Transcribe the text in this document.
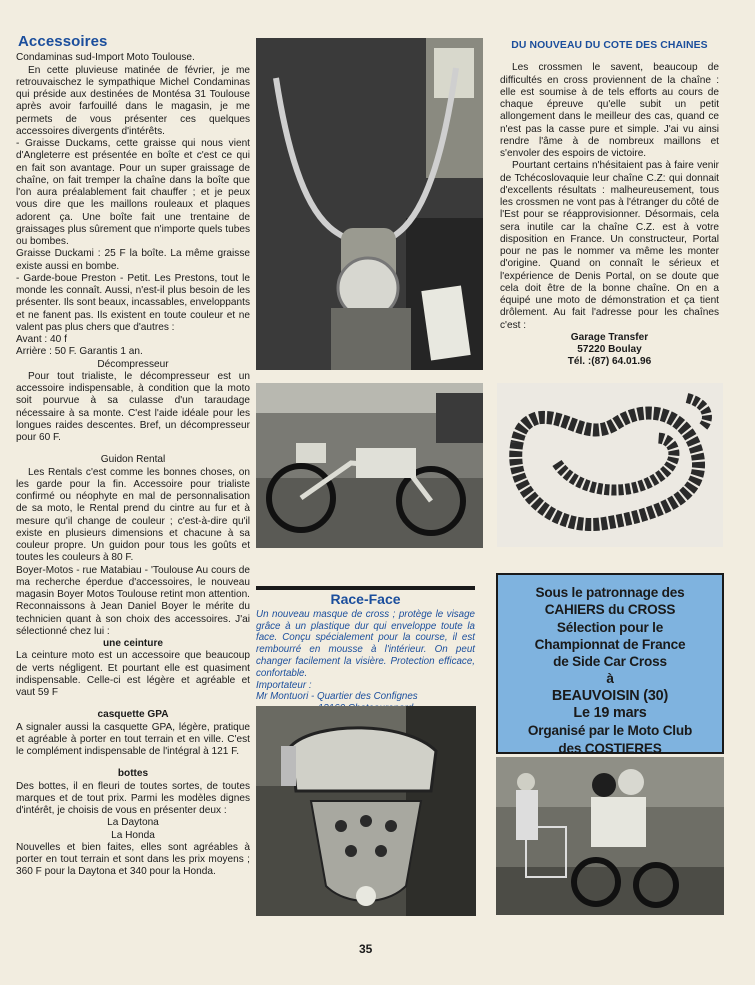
Accessoires

Condaminas sud-Import Moto Toulouse.

En cette pluvieuse matinée de février, je me retrouvaischez le sympathique Michel Condaminas qui préside aux destinées de Montésa 31 Toulouse après avoir farfouillé dans le magasin, je me permets de vous présenter ces quelques accessoires divergents d'intérêts.

- Graisse Duckams, cette graisse qui nous vient d'Angleterre est présentée en boîte et c'est ce qui en fait son avantage. Pour un super graissage de chaîne, on fait tremper la chaîne dans la boîte que l'on aura préalablement fait chauffer ; et je peux vous dire que les maillons rouleaux et plaques adorent ça. Une boîte fait une trentaine de graissages plus sûrement que n'importe quels tubes ou bombes.

Graisse Duckami : 25 F la boîte. La même graisse existe aussi en bombe.

- Garde-boue Preston - Petit. Les Prestons, tout le monde les connaît. Aussi, n'est-il plus besoin de les présenter. Ils sont beaux, incassables, enveloppants et ne fanent pas. Ils existent en toute couleur et ne valent pas plus chers que d'autres :

Avant : 40 f

Arrière : 50 F. Garantis 1 an.

Décompresseur

Pour tout trialiste, le décompresseur est un accessoire indispensable, à condition que la moto soit pourvue à sa culasse d'un taraudage nécessaire à sa monte. C'est l'aide idéale pour les longues raides descentes. Bref, un décompresseur pour 60 F.

Guidon Rental

Les Rentals c'est comme les bonnes choses, on les garde pour la fin. Accessoire pour trialiste confirmé ou néophyte en mal de personnalisation de sa moto, le Rental prend du cintre au fur et à mesure qu'il change de couleur ; c'est-à-dire qu'il existe en plusieurs dimensions et chacune à sa couleur propre. Un guidon pour tous les goûts et toutes les couleurs à 80 F.

Boyer-Motos - rue Matabiau - 'Toulouse Au cours de ma recherche éperdue d'accessoires, le nouveau magasin Boyer Motos Toulouse retint mon attention. Reconnaissons à Jean Daniel Boyer le mérite du technicien quant à son choix des accessoires. J'ai sélectionné chez lui :

une ceinture

La ceinture moto est un accessoire que beaucoup de verts négligent. Et pourtant elle est quasiment indispensable. Celle-ci est légère et agréable et vaut 59 F

casquette GPA

A signaler aussi la casquette GPA, légère, pratique et agréable à porter en tout terrain et en ville. C'est le complément indispensable de l'intégral à 121 F.

bottes

Des bottes, il en fleuri de toutes sortes, de toutes marques et de tout prix. Parmi les modèles dignes d'intérêt, je choisis de vous en présenter deux :

La Daytona

La Honda

Nouvelles et bien faites, elles sont agréables à porter en tout terrain et sont dans les prix moyens ; 360 F pour la Daytona et 340 pour la Honda.

DU NOUVEAU DU COTE DES CHAINES

Les crossmen le savent, beaucoup de difficultés en cross proviennent de la chaîne : elle est soumise à de tels efforts au cours de chaque épreuve qu'elle subit un petit allongement dans le meilleur des cas, quand ce n'est pas la casse pure et simple. J'ai vu ainsi rendre l'âme à de nombreux maillons et s'envoler des espoirs de victoire.

Pourtant certains n'hésitaient pas à faire venir de Tchécoslovaquie leur chaîne C.Z: qui donnait d'excellents résultats : malheureusement, tous les crossmen ne vont pas à l'étranger du côté de l'Est pour se réapprovisionner. Désormais, cela sera inutile car la chaîne C.Z. est à votre disposition en France. Un constructeur, Portal pour ne pas le nommer va même les monter d'origine. Quand on connaît le sérieux et l'expérience de Denis Portal, on se doute que cela doit être de la bonne chaîne. On en a équipé une moto de démonstration et ça tient drôlement. Au fait l'adresse pour les chaînes c'est :

Garage Transfer

57220 Boulay

Tél. :(87) 64.01.96

Race-Face

Un nouveau masque de cross ; protège le visage grâce à un plastique dur qui enveloppe toute la face. Conçu spécialement pour la course, il est rembourré en mousse à l'intérieur. On peut changer facilement la visière. Protection efficace, confortable.

Importateur :

Mr Montuori - Quartier des Confignes

Sous le patronnage des
CAHIERS du CROSS
Sélection pour le
Championnat de France
de Side Car Cross
à
BEAUVOISIN (30)
Le 19 mars
Organisé par le Moto Club
des COSTIERES
35
